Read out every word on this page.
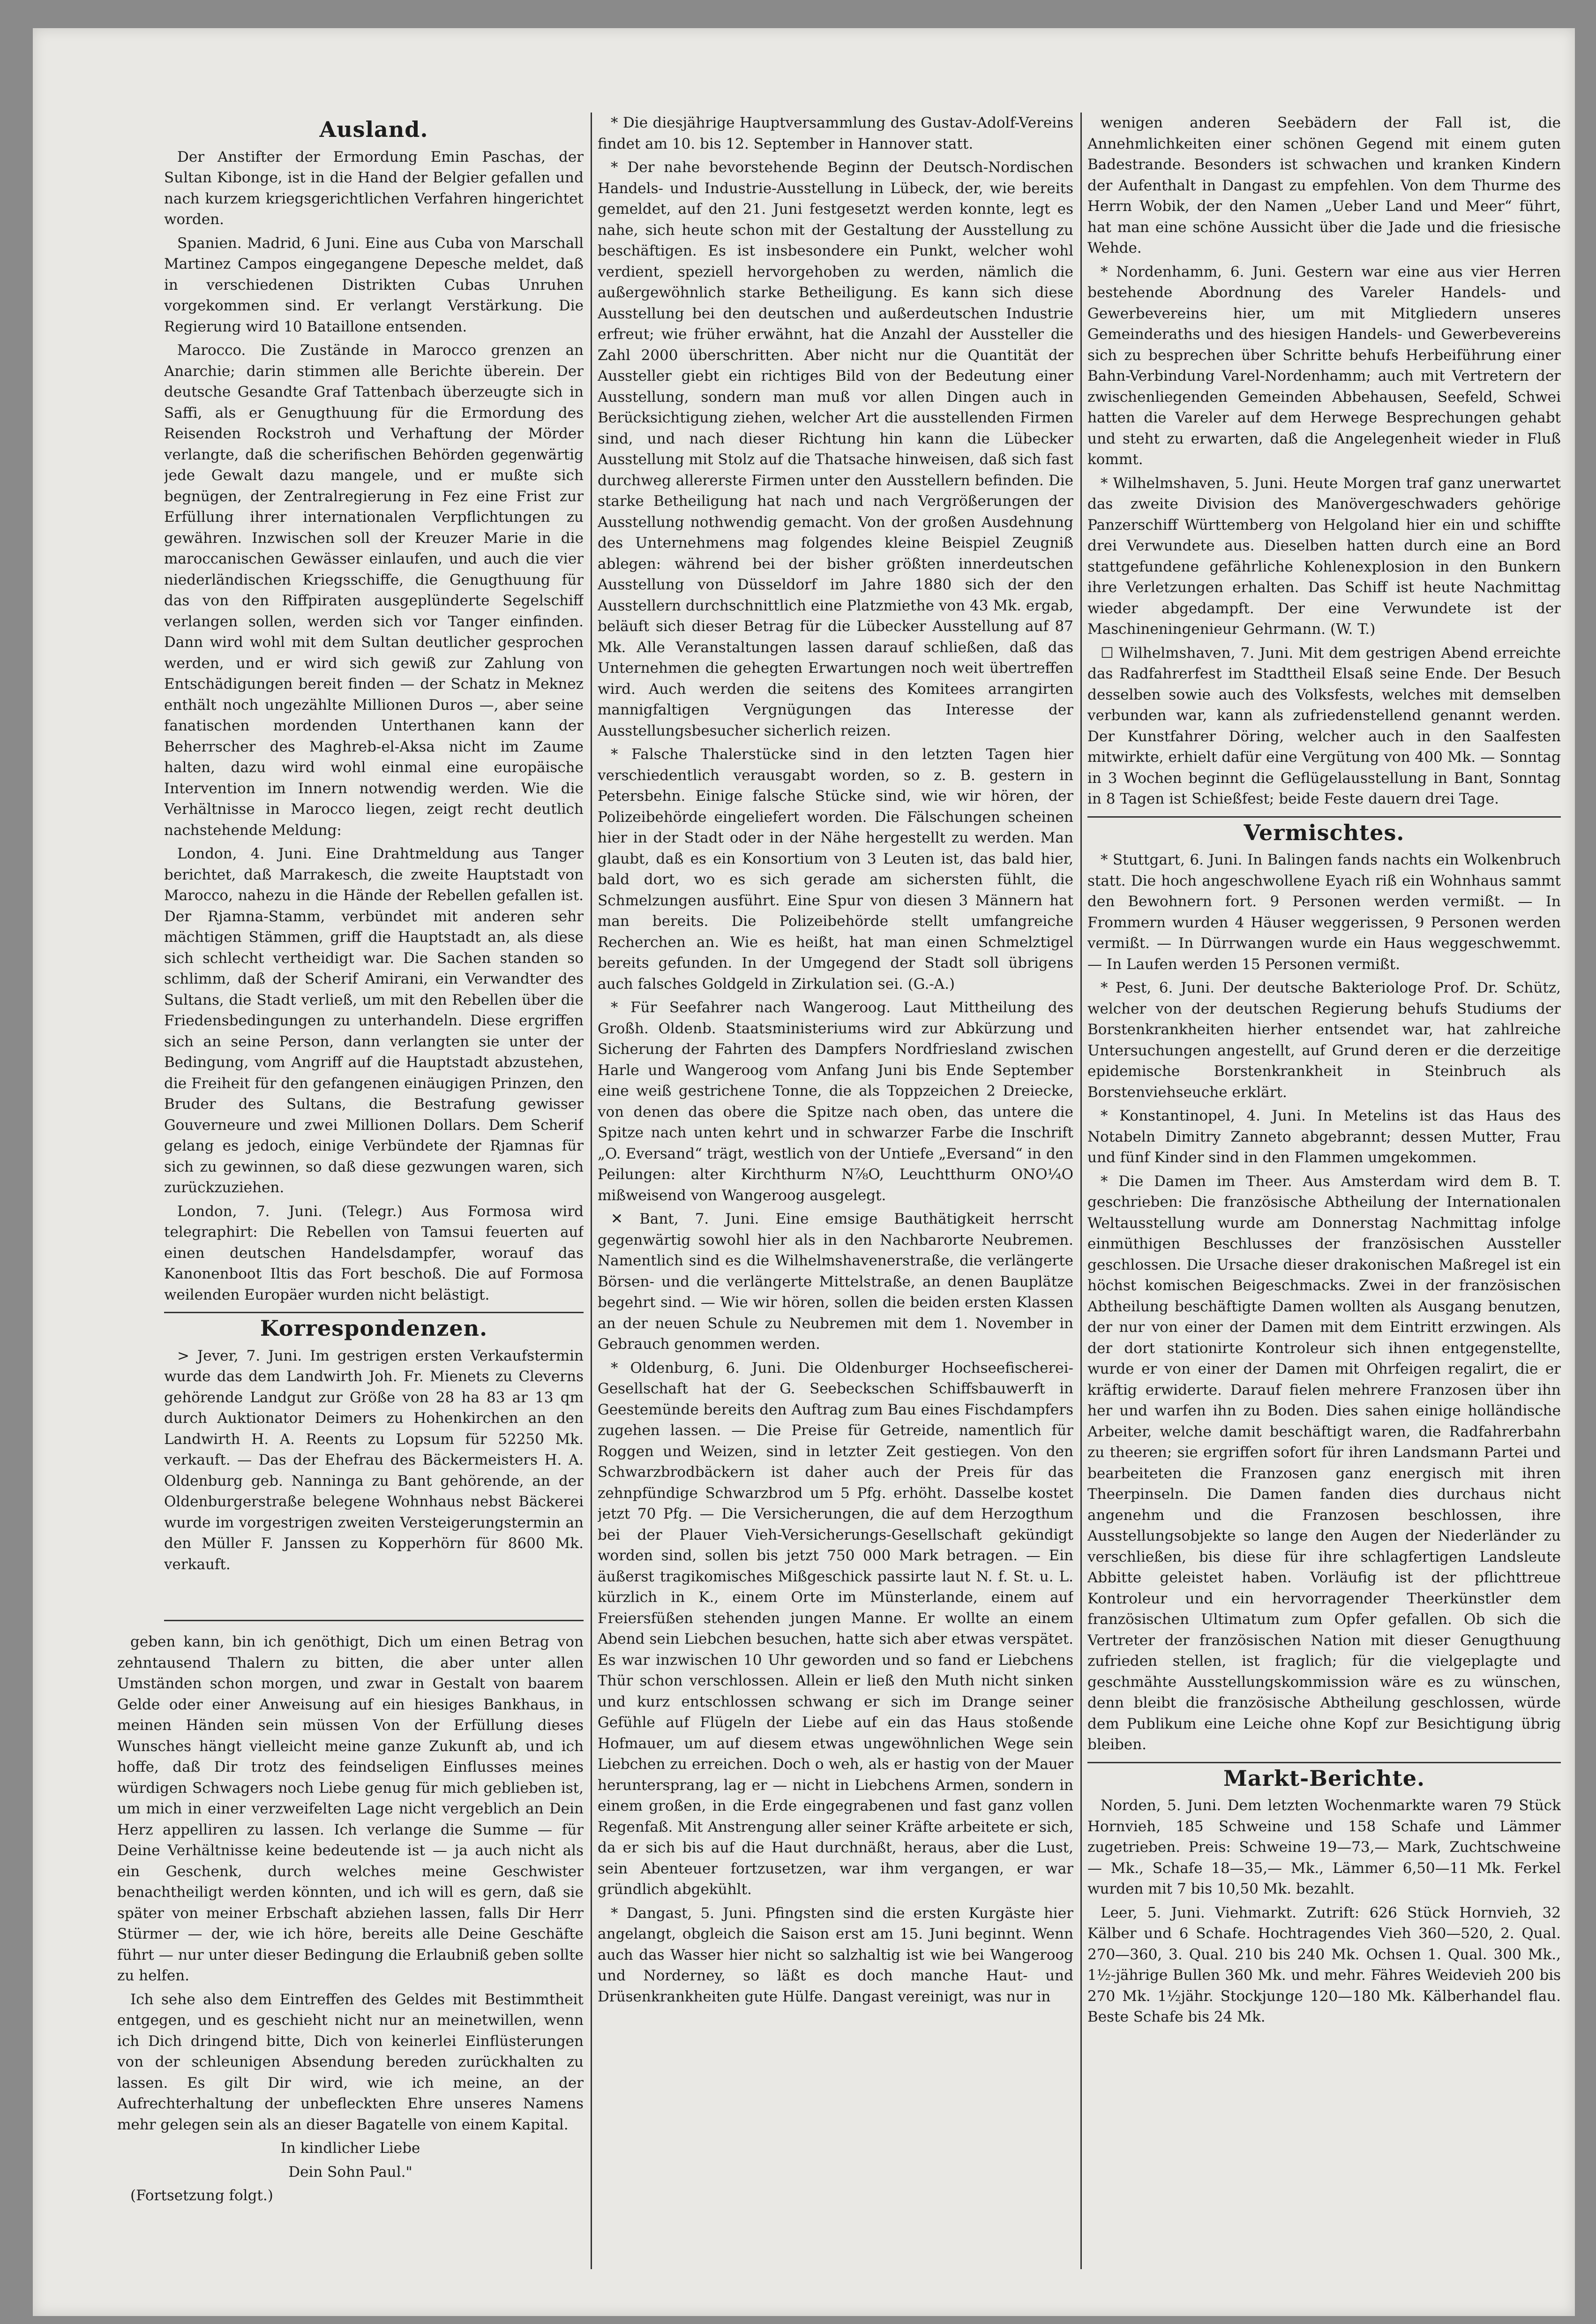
Ausland.

Der Anstifter der Ermordung Emin Paschas, der Sultan Kibonge, ist in die Hand der Belgier gefallen und nach kurzem kriegsgerichtlichen Verfahren hingerichtet worden.

Spanien. Madrid, 6 Juni. Eine aus Cuba von Marschall Martinez Campos eingegangene Depesche meldet, daß in verschiedenen Distrikten Cubas Unruhen vorgekommen sind. Er verlangt Verstärkung. Die Regierung wird 10 Bataillone entsenden.

Marocco. Die Zustände in Marocco grenzen an Anarchie; darin stimmen alle Berichte überein. Der deutsche Gesandte Graf Tattenbach überzeugte sich in Saffi, als er Genugthuung für die Ermordung des Reisenden Rockstroh und Verhaftung der Mörder verlangte, daß die scherifischen Behörden gegenwärtig jede Gewalt dazu mangele, und er mußte sich begnügen, der Zentralregierung in Fez eine Frist zur Erfüllung ihrer internationalen Verpflichtungen zu gewähren. Inzwischen soll der Kreuzer Marie in die maroccanischen Gewässer einlaufen, und auch die vier niederländischen Kriegsschiffe, die Genugthuung für das von den Riffpiraten ausgeplünderte Segelschiff verlangen sollen, werden sich vor Tanger einfinden. Dann wird wohl mit dem Sultan deutlicher gesprochen werden, und er wird sich gewiß zur Zahlung von Entschädigungen bereit finden — der Schatz in Meknez enthält noch ungezählte Millionen Duros —, aber seine fanatischen mordenden Unterthanen kann der Beherrscher des Maghreb-el-Aksa nicht im Zaume halten, dazu wird wohl einmal eine europäische Intervention im Innern notwendig werden. Wie die Verhältnisse in Marocco liegen, zeigt recht deutlich nachstehende Meldung:

London, 4. Juni. Eine Drahtmeldung aus Tanger berichtet, daß Marrakesch, die zweite Hauptstadt von Marocco, nahezu in die Hände der Rebellen gefallen ist. Der Rjamna-Stamm, verbündet mit anderen sehr mächtigen Stämmen, griff die Hauptstadt an, als diese sich schlecht vertheidigt war. Die Sachen standen so schlimm, daß der Scherif Amirani, ein Verwandter des Sultans, die Stadt verließ, um mit den Rebellen über die Friedensbedingungen zu unterhandeln. Diese ergriffen sich an seine Person, dann verlangten sie unter der Bedingung, vom Angriff auf die Hauptstadt abzustehen, die Freiheit für den gefangenen einäugigen Prinzen, den Bruder des Sultans, die Bestrafung gewisser Gouverneure und zwei Millionen Dollars. Dem Scherif gelang es jedoch, einige Verbündete der Rjamnas für sich zu gewinnen, so daß diese gezwungen waren, sich zurückzuziehen.

London, 7. Juni. (Telegr.) Aus Formosa wird telegraphirt: Die Rebellen von Tamsui feuerten auf einen deutschen Handelsdampfer, worauf das Kanonenboot Iltis das Fort beschoß. Die auf Formosa weilenden Europäer wurden nicht belästigt.

Korrespondenzen.

> Jever, 7. Juni. Im gestrigen ersten Verkaufstermin wurde das dem Landwirth Joh. Fr. Mienets zu Cleverns gehörende Landgut zur Größe von 28 ha 83 ar 13 qm durch Auktionator Deimers zu Hohenkirchen an den Landwirth H. A. Reents zu Lopsum für 52250 Mk. verkauft. — Das der Ehefrau des Bäckermeisters H. A. Oldenburg geb. Nanninga zu Bant gehörende, an der Oldenburgerstraße belegene Wohnhaus nebst Bäckerei wurde im vorgestrigen zweiten Versteigerungstermin an den Müller F. Janssen zu Kopperhörn für 8600 Mk. verkauft.

geben kann, bin ich genöthigt, Dich um einen Betrag von zehntausend Thalern zu bitten, die aber unter allen Umständen schon morgen, und zwar in Gestalt von baarem Gelde oder einer Anweisung auf ein hiesiges Bankhaus, in meinen Händen sein müssen Von der Erfüllung dieses Wunsches hängt vielleicht meine ganze Zukunft ab, und ich hoffe, daß Dir trotz des feindseligen Einflusses meines würdigen Schwagers noch Liebe genug für mich geblieben ist, um mich in einer verzweifelten Lage nicht vergeblich an Dein Herz appelliren zu lassen. Ich verlange die Summe — für Deine Verhältnisse keine bedeutende ist — ja auch nicht als ein Geschenk, durch welches meine Geschwister benachtheiligt werden könnten, und ich will es gern, daß sie später von meiner Erbschaft abziehen lassen, falls Dir Herr Stürmer — der, wie ich höre, bereits alle Deine Geschäfte führt — nur unter dieser Bedingung die Erlaubniß geben sollte zu helfen.

Ich sehe also dem Eintreffen des Geldes mit Bestimmtheit entgegen, und es geschieht nicht nur an meinetwillen, wenn ich Dich dringend bitte, Dich von keinerlei Einflüsterungen von der schleunigen Absendung bereden zurückhalten zu lassen. Es gilt Dir wird, wie ich meine, an der Aufrechterhaltung der unbefleckten Ehre unseres Namens mehr gelegen sein als an dieser Bagatelle von einem Kapital.

In kindlicher Liebe

Dein Sohn Paul."

(Fortsetzung folgt.)

* Die diesjährige Hauptversammlung des Gustav-Adolf-Vereins findet am 10. bis 12. September in Hannover statt.

* Der nahe bevorstehende Beginn der Deutsch-Nordischen Handels- und Industrie-Ausstellung in Lübeck, der, wie bereits gemeldet, auf den 21. Juni festgesetzt werden konnte, legt es nahe, sich heute schon mit der Gestaltung der Ausstellung zu beschäftigen. Es ist insbesondere ein Punkt, welcher wohl verdient, speziell hervorgehoben zu werden, nämlich die außergewöhnlich starke Betheiligung. Es kann sich diese Ausstellung bei den deutschen und außerdeutschen Industrie erfreut; wie früher erwähnt, hat die Anzahl der Aussteller die Zahl 2000 überschritten. Aber nicht nur die Quantität der Aussteller giebt ein richtiges Bild von der Bedeutung einer Ausstellung, sondern man muß vor allen Dingen auch in Berücksichtigung ziehen, welcher Art die ausstellenden Firmen sind, und nach dieser Richtung hin kann die Lübecker Ausstellung mit Stolz auf die Thatsache hinweisen, daß sich fast durchweg allererste Firmen unter den Ausstellern befinden. Die starke Betheiligung hat nach und nach Vergrößerungen der Ausstellung nothwendig gemacht. Von der großen Ausdehnung des Unternehmens mag folgendes kleine Beispiel Zeugniß ablegen: während bei der bisher größten innerdeutschen Ausstellung von Düsseldorf im Jahre 1880 sich der den Ausstellern durchschnittlich eine Platzmiethe von 43 Mk. ergab, beläuft sich dieser Betrag für die Lübecker Ausstellung auf 87 Mk. Alle Veranstaltungen lassen darauf schließen, daß das Unternehmen die gehegten Erwartungen noch weit übertreffen wird. Auch werden die seitens des Komitees arrangirten mannigfaltigen Vergnügungen das Interesse der Ausstellungsbesucher sicherlich reizen.

* Falsche Thalerstücke sind in den letzten Tagen hier verschiedentlich verausgabt worden, so z. B. gestern in Petersbehn. Einige falsche Stücke sind, wie wir hören, der Polizeibehörde eingeliefert worden. Die Fälschungen scheinen hier in der Stadt oder in der Nähe hergestellt zu werden. Man glaubt, daß es ein Konsortium von 3 Leuten ist, das bald hier, bald dort, wo es sich gerade am sichersten fühlt, die Schmelzungen ausführt. Eine Spur von diesen 3 Männern hat man bereits. Die Polizeibehörde stellt umfangreiche Recherchen an. Wie es heißt, hat man einen Schmelztigel bereits gefunden. In der Umgegend der Stadt soll übrigens auch falsches Goldgeld in Zirkulation sei. (G.-A.)

* Für Seefahrer nach Wangeroog. Laut Mittheilung des Großh. Oldenb. Staatsministeriums wird zur Abkürzung und Sicherung der Fahrten des Dampfers Nordfriesland zwischen Harle und Wangeroog vom Anfang Juni bis Ende September eine weiß gestrichene Tonne, die als Toppzeichen 2 Dreiecke, von denen das obere die Spitze nach oben, das untere die Spitze nach unten kehrt und in schwarzer Farbe die Inschrift „O. Eversand“ trägt, westlich von der Untiefe „Eversand“ in den Peilungen: alter Kirchthurm N⅞O, Leuchtthurm ONO¼O mißweisend von Wangeroog ausgelegt.

✕ Bant, 7. Juni. Eine emsige Bauthätigkeit herrscht gegenwärtig sowohl hier als in den Nachbarorte Neubremen. Namentlich sind es die Wilhelmshavenerstraße, die verlängerte Börsen- und die verlängerte Mittelstraße, an denen Bauplätze begehrt sind. — Wie wir hören, sollen die beiden ersten Klassen an der neuen Schule zu Neubremen mit dem 1. November in Gebrauch genommen werden.

* Oldenburg, 6. Juni. Die Oldenburger Hochseefischerei-Gesellschaft hat der G. Seebeckschen Schiffsbauwerft in Geestemünde bereits den Auftrag zum Bau eines Fischdampfers zugehen lassen. — Die Preise für Getreide, namentlich für Roggen und Weizen, sind in letzter Zeit gestiegen. Von den Schwarzbrodbäckern ist daher auch der Preis für das zehnpfündige Schwarzbrod um 5 Pfg. erhöht. Dasselbe kostet jetzt 70 Pfg. — Die Versicherungen, die auf dem Herzogthum bei der Plauer Vieh-Versicherungs-Gesellschaft gekündigt worden sind, sollen bis jetzt 750 000 Mark betragen. — Ein äußerst tragikomisches Mißgeschick passirte laut N. f. St. u. L. kürzlich in K., einem Orte im Münsterlande, einem auf Freiersfüßen stehenden jungen Manne. Er wollte an einem Abend sein Liebchen besuchen, hatte sich aber etwas verspätet. Es war inzwischen 10 Uhr geworden und so fand er Liebchens Thür schon verschlossen. Allein er ließ den Muth nicht sinken und kurz entschlossen schwang er sich im Drange seiner Gefühle auf Flügeln der Liebe auf ein das Haus stoßende Hofmauer, um auf diesem etwas ungewöhnlichen Wege sein Liebchen zu erreichen. Doch o weh, als er hastig von der Mauer heruntersprang, lag er — nicht in Liebchens Armen, sondern in einem großen, in die Erde eingegrabenen und fast ganz vollen Regenfaß. Mit Anstrengung aller seiner Kräfte arbeitete er sich, da er sich bis auf die Haut durchnäßt, heraus, aber die Lust, sein Abenteuer fortzusetzen, war ihm vergangen, er war gründlich abgekühlt.

* Dangast, 5. Juni. Pfingsten sind die ersten Kurgäste hier angelangt, obgleich die Saison erst am 15. Juni beginnt. Wenn auch das Wasser hier nicht so salzhaltig ist wie bei Wangeroog und Norderney, so läßt es doch manche Haut- und Drüsenkrankheiten gute Hülfe. Dangast vereinigt, was nur in

wenigen anderen Seebädern der Fall ist, die Annehmlichkeiten einer schönen Gegend mit einem guten Badestrande. Besonders ist schwachen und kranken Kindern der Aufenthalt in Dangast zu empfehlen. Von dem Thurme des Herrn Wobik, der den Namen „Ueber Land und Meer“ führt, hat man eine schöne Aussicht über die Jade und die friesische Wehde.

* Nordenhamm, 6. Juni. Gestern war eine aus vier Herren bestehende Abordnung des Vareler Handels- und Gewerbevereins hier, um mit Mitgliedern unseres Gemeinderaths und des hiesigen Handels- und Gewerbevereins sich zu besprechen über Schritte behufs Herbeiführung einer Bahn-Verbindung Varel-Nordenhamm; auch mit Vertretern der zwischenliegenden Gemeinden Abbehausen, Seefeld, Schwei hatten die Vareler auf dem Herwege Besprechungen gehabt und steht zu erwarten, daß die Angelegenheit wieder in Fluß kommt.

* Wilhelmshaven, 5. Juni. Heute Morgen traf ganz unerwartet das zweite Division des Manövergeschwaders gehörige Panzerschiff Württemberg von Helgoland hier ein und schiffte drei Verwundete aus. Dieselben hatten durch eine an Bord stattgefundene gefährliche Kohlenexplosion in den Bunkern ihre Verletzungen erhalten. Das Schiff ist heute Nachmittag wieder abgedampft. Der eine Verwundete ist der Maschineningenieur Gehrmann. (W. T.)

☐ Wilhelmshaven, 7. Juni. Mit dem gestrigen Abend erreichte das Radfahrerfest im Stadttheil Elsaß seine Ende. Der Besuch desselben sowie auch des Volksfests, welches mit demselben verbunden war, kann als zufriedenstellend genannt werden. Der Kunstfahrer Döring, welcher auch in den Saalfesten mitwirkte, erhielt dafür eine Vergütung von 400 Mk. — Sonntag in 3 Wochen beginnt die Geflügelausstellung in Bant, Sonntag in 8 Tagen ist Schießfest; beide Feste dauern drei Tage.

Vermischtes.

* Stuttgart, 6. Juni. In Balingen fands nachts ein Wolkenbruch statt. Die hoch angeschwollene Eyach riß ein Wohnhaus sammt den Bewohnern fort. 9 Personen werden vermißt. — In Frommern wurden 4 Häuser weggerissen, 9 Personen werden vermißt. — In Dürrwangen wurde ein Haus weggeschwemmt. — In Laufen werden 15 Personen vermißt.

* Pest, 6. Juni. Der deutsche Bakteriologe Prof. Dr. Schütz, welcher von der deutschen Regierung behufs Studiums der Borstenkrankheiten hierher entsendet war, hat zahlreiche Untersuchungen angestellt, auf Grund deren er die derzeitige epidemische Borstenkrankheit in Steinbruch als Borstenviehseuche erklärt.

* Konstantinopel, 4. Juni. In Metelins ist das Haus des Notabeln Dimitry Zanneto abgebrannt; dessen Mutter, Frau und fünf Kinder sind in den Flammen umgekommen.

* Die Damen im Theer. Aus Amsterdam wird dem B. T. geschrieben: Die französische Abtheilung der Internationalen Weltausstellung wurde am Donnerstag Nachmittag infolge einmüthigen Beschlusses der französischen Aussteller geschlossen. Die Ursache dieser drakonischen Maßregel ist ein höchst komischen Beigeschmacks. Zwei in der französischen Abtheilung beschäftigte Damen wollten als Ausgang benutzen, der nur von einer der Damen mit dem Eintritt erzwingen. Als der dort stationirte Kontroleur sich ihnen entgegenstellte, wurde er von einer der Damen mit Ohrfeigen regalirt, die er kräftig erwiderte. Darauf fielen mehrere Franzosen über ihn her und warfen ihn zu Boden. Dies sahen einige holländische Arbeiter, welche damit beschäftigt waren, die Radfahrerbahn zu theeren; sie ergriffen sofort für ihren Landsmann Partei und bearbeiteten die Franzosen ganz energisch mit ihren Theerpinseln. Die Damen fanden dies durchaus nicht angenehm und die Franzosen beschlossen, ihre Ausstellungsobjekte so lange den Augen der Niederländer zu verschließen, bis diese für ihre schlagfertigen Landsleute Abbitte geleistet haben. Vorläufig ist der pflichttreue Kontroleur und ein hervorragender Theerkünstler dem französischen Ultimatum zum Opfer gefallen. Ob sich die Vertreter der französischen Nation mit dieser Genugthuung zufrieden stellen, ist fraglich; für die vielgeplagte und geschmähte Ausstellungskommission wäre es zu wünschen, denn bleibt die französische Abtheilung geschlossen, würde dem Publikum eine Leiche ohne Kopf zur Besichtigung übrig bleiben.

Markt-Berichte.

Norden, 5. Juni. Dem letzten Wochenmarkte waren 79 Stück Hornvieh, 185 Schweine und 158 Schafe und Lämmer zugetrieben. Preis: Schweine 19—73,— Mark, Zuchtschweine — Mk., Schafe 18—35,— Mk., Lämmer 6,50—11 Mk. Ferkel wurden mit 7 bis 10,50 Mk. bezahlt.

Leer, 5. Juni. Viehmarkt. Zutrift: 626 Stück Hornvieh, 32 Kälber und 6 Schafe. Hochtragendes Vieh 360—520, 2. Qual. 270—360, 3. Qual. 210 bis 240 Mk. Ochsen 1. Qual. 300 Mk., 1½-jährige Bullen 360 Mk. und mehr. Fähres Weidevieh 200 bis 270 Mk. 1½jähr. Stockjunge 120—180 Mk. Kälberhandel flau. Beste Schafe bis 24 Mk.
